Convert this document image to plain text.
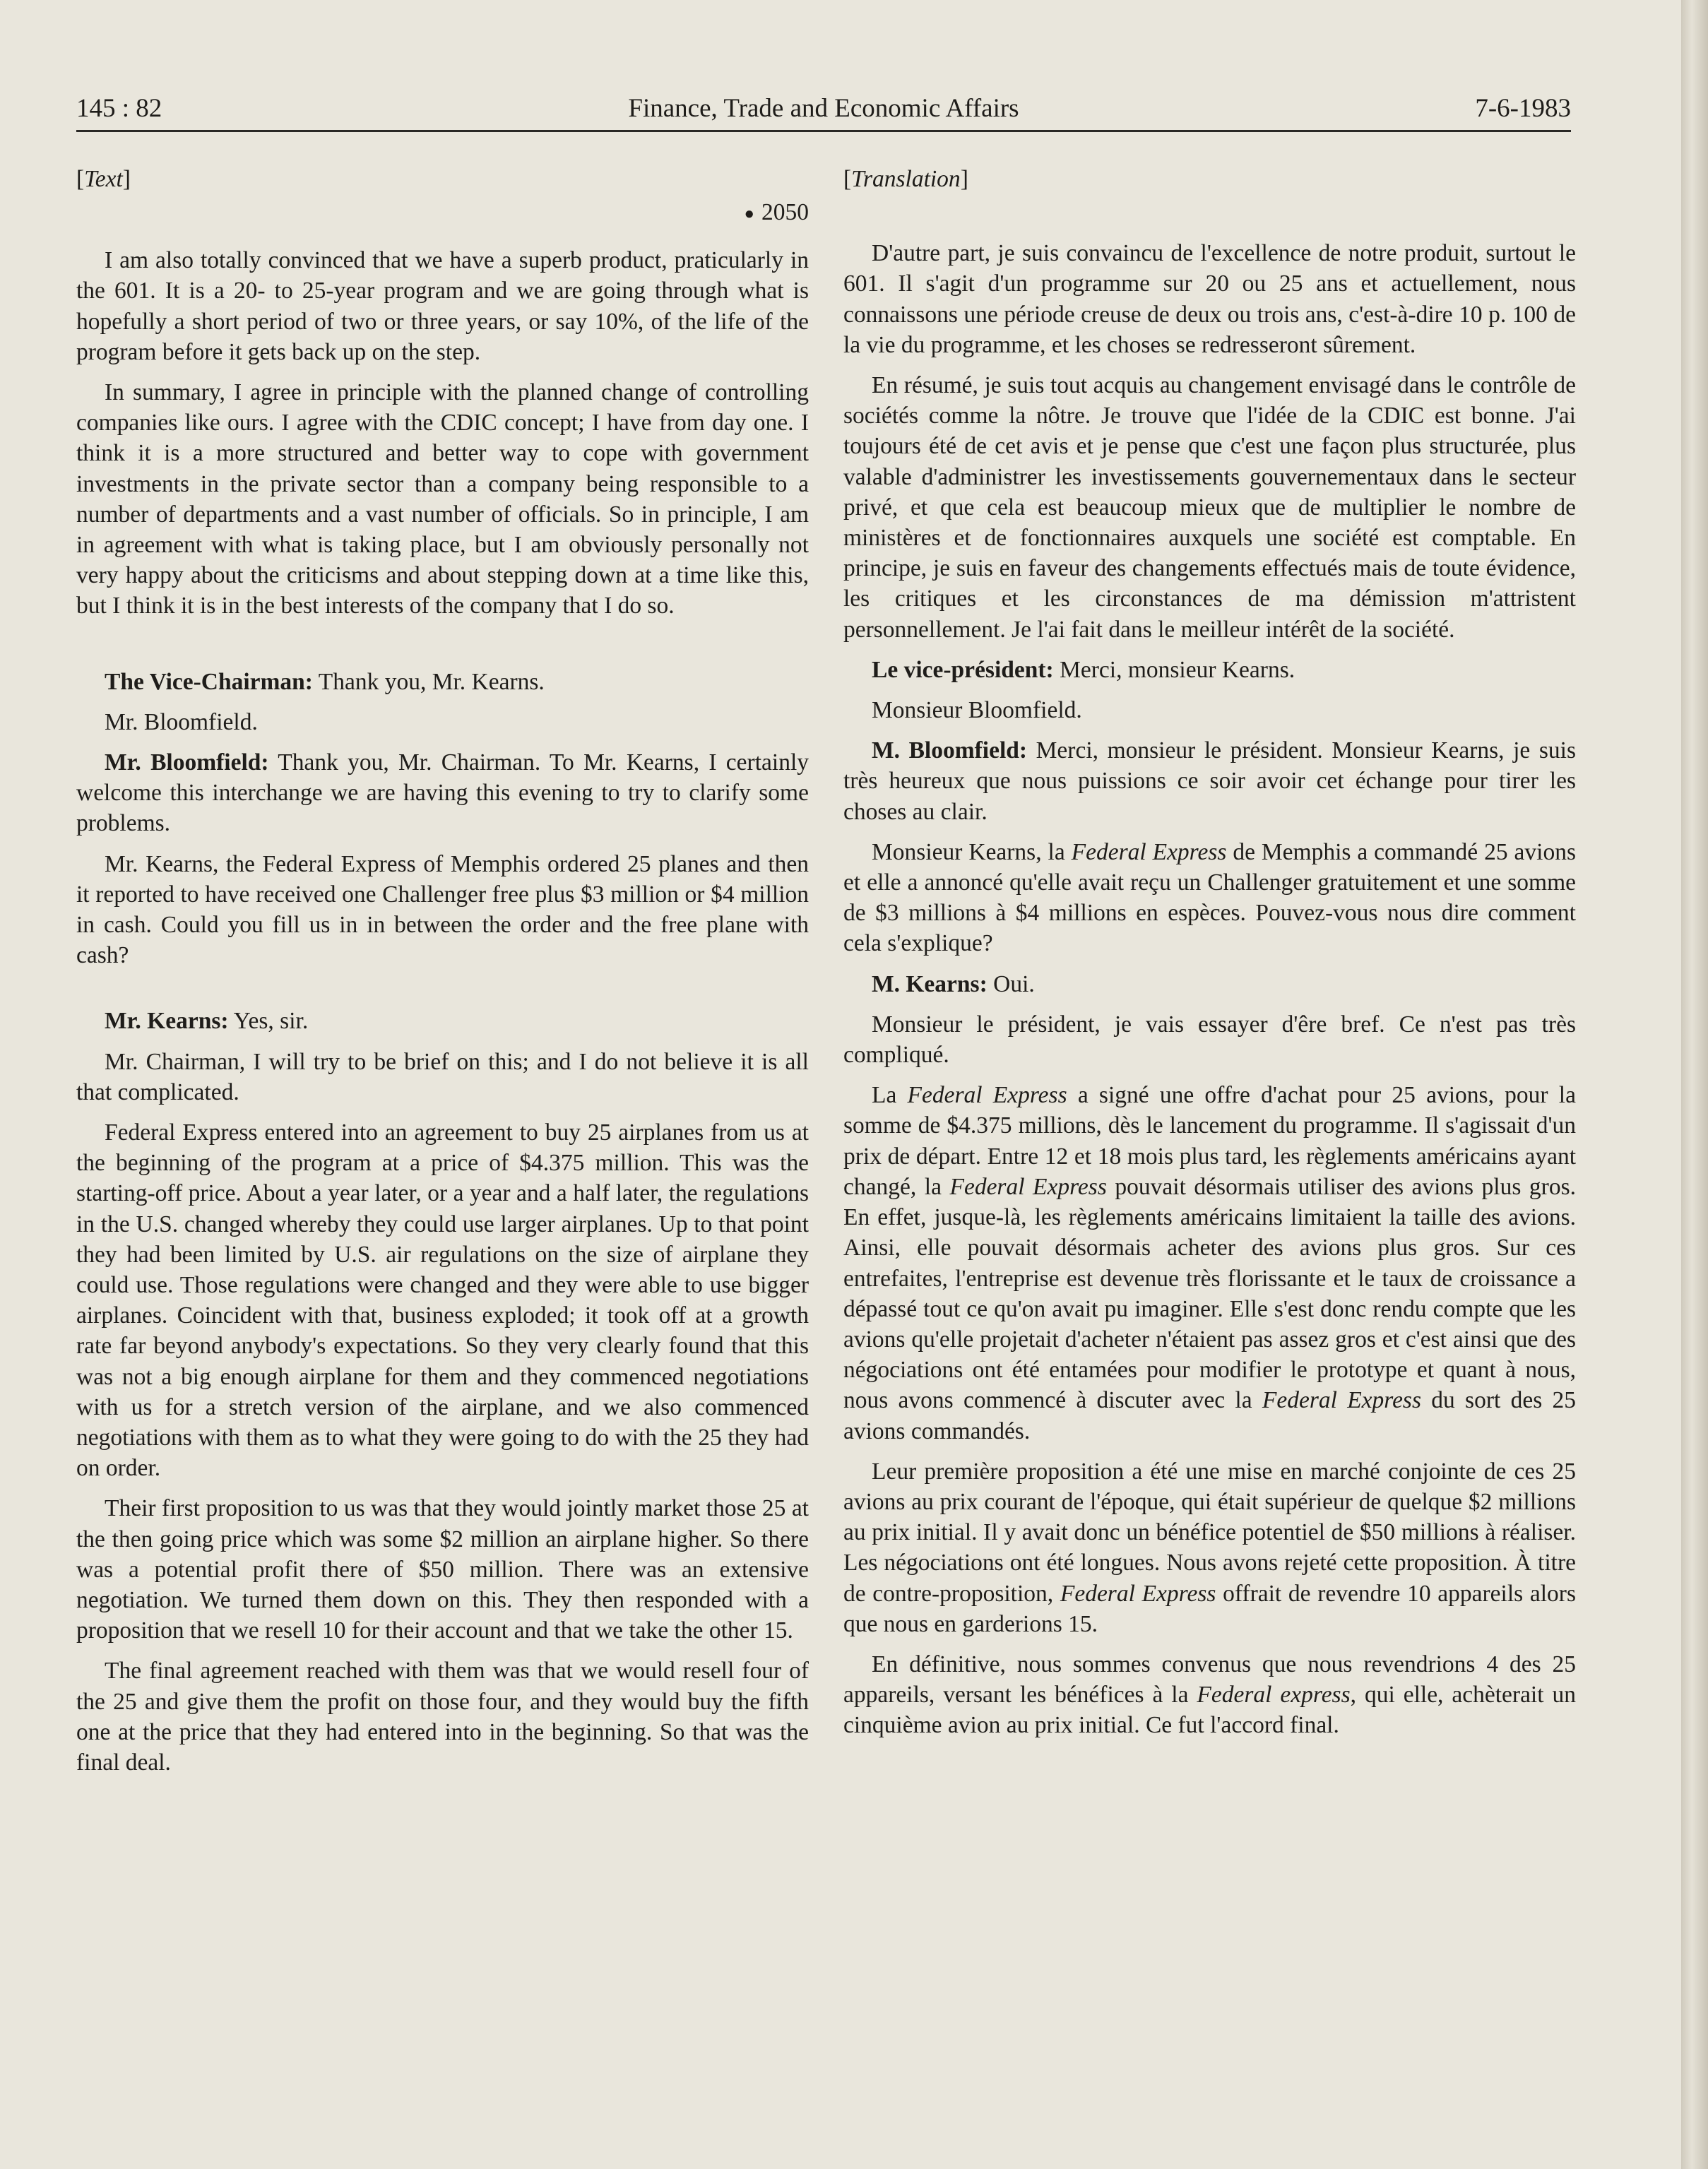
145 : 82	Finance, Trade and Economic Affairs	7-6-1983

[Text]

● 2050

I am also totally convinced that we have a superb product, praticularly in the 601. It is a 20- to 25-year program and we are going through what is hopefully a short period of two or three years, or say 10%, of the life of the program before it gets back up on the step.

In summary, I agree in principle with the planned change of controlling companies like ours. I agree with the CDIC concept; I have from day one. I think it is a more structured and better way to cope with government investments in the private sector than a company being responsible to a number of departments and a vast number of officials. So in principle, I am in agreement with what is taking place, but I am obviously personally not very happy about the criticisms and about stepping down at a time like this, but I think it is in the best interests of the company that I do so.

The Vice-Chairman: Thank you, Mr. Kearns.

Mr. Bloomfield.

Mr. Bloomfield: Thank you, Mr. Chairman. To Mr. Kearns, I certainly welcome this interchange we are having this evening to try to clarify some problems.

Mr. Kearns, the Federal Express of Memphis ordered 25 planes and then it reported to have received one Challenger free plus $3 million or $4 million in cash. Could you fill us in in between the order and the free plane with cash?

Mr. Kearns: Yes, sir.

Mr. Chairman, I will try to be brief on this; and I do not believe it is all that complicated.

Federal Express entered into an agreement to buy 25 airplanes from us at the beginning of the program at a price of $4.375 million. This was the starting-off price. About a year later, or a year and a half later, the regulations in the U.S. changed whereby they could use larger airplanes. Up to that point they had been limited by U.S. air regulations on the size of airplane they could use. Those regulations were changed and they were able to use bigger airplanes. Coincident with that, business exploded; it took off at a growth rate far beyond anybody's expectations. So they very clearly found that this was not a big enough airplane for them and they commenced negotiations with us for a stretch version of the airplane, and we also commenced negotiations with them as to what they were going to do with the 25 they had on order.

Their first proposition to us was that they would jointly market those 25 at the then going price which was some $2 million an airplane higher. So there was a potential profit there of $50 million. There was an extensive negotiation. We turned them down on this. They then responded with a proposition that we resell 10 for their account and that we take the other 15.

The final agreement reached with them was that we would resell four of the 25 and give them the profit on those four, and they would buy the fifth one at the price that they had entered into in the beginning. So that was the final deal.

[Translation]

D'autre part, je suis convaincu de l'excellence de notre produit, surtout le 601. Il s'agit d'un programme sur 20 ou 25 ans et actuellement, nous connaissons une période creuse de deux ou trois ans, c'est-à-dire 10 p. 100 de la vie du programme, et les choses se redresseront sûrement.

En résumé, je suis tout acquis au changement envisagé dans le contrôle de sociétés comme la nôtre. Je trouve que l'idée de la CDIC est bonne. J'ai toujours été de cet avis et je pense que c'est une façon plus structurée, plus valable d'administrer les investissements gouvernementaux dans le secteur privé, et que cela est beaucoup mieux que de multiplier le nombre de ministères et de fonctionnaires auxquels une société est comptable. En principe, je suis en faveur des changements effectués mais de toute évidence, les critiques et les circonstances de ma démission m'attristent personnellement. Je l'ai fait dans le meilleur intérêt de la société.

Le vice-président: Merci, monsieur Kearns.

Monsieur Bloomfield.

M. Bloomfield: Merci, monsieur le président. Monsieur Kearns, je suis très heureux que nous puissions ce soir avoir cet échange pour tirer les choses au clair.

Monsieur Kearns, la Federal Express de Memphis a commandé 25 avions et elle a annoncé qu'elle avait reçu un Challenger gratuitement et une somme de $3 millions à $4 millions en espèces. Pouvez-vous nous dire comment cela s'explique?

M. Kearns: Oui.

Monsieur le président, je vais essayer d'êre bref. Ce n'est pas très compliqué.

La Federal Express a signé une offre d'achat pour 25 avions, pour la somme de $4.375 millions, dès le lancement du programme. Il s'agissait d'un prix de départ. Entre 12 et 18 mois plus tard, les règlements américains ayant changé, la Federal Express pouvait désormais utiliser des avions plus gros. En effet, jusque-là, les règlements américains limitaient la taille des avions. Ainsi, elle pouvait désormais acheter des avions plus gros. Sur ces entrefaites, l'entreprise est devenue très florissante et le taux de croissance a dépassé tout ce qu'on avait pu imaginer. Elle s'est donc rendu compte que les avions qu'elle projetait d'acheter n'étaient pas assez gros et c'est ainsi que des négociations ont été entamées pour modifier le prototype et quant à nous, nous avons commencé à discuter avec la Federal Express du sort des 25 avions commandés.

Leur première proposition a été une mise en marché conjointe de ces 25 avions au prix courant de l'époque, qui était supérieur de quelque $2 millions au prix initial. Il y avait donc un bénéfice potentiel de $50 millions à réaliser. Les négociations ont été longues. Nous avons rejeté cette proposition. À titre de contre-proposition, Federal Express offrait de revendre 10 appareils alors que nous en garderions 15.

En définitive, nous sommes convenus que nous revendrions 4 des 25 appareils, versant les bénéfices à la Federal express, qui elle, achèterait un cinquième avion au prix initial. Ce fut l'accord final.
